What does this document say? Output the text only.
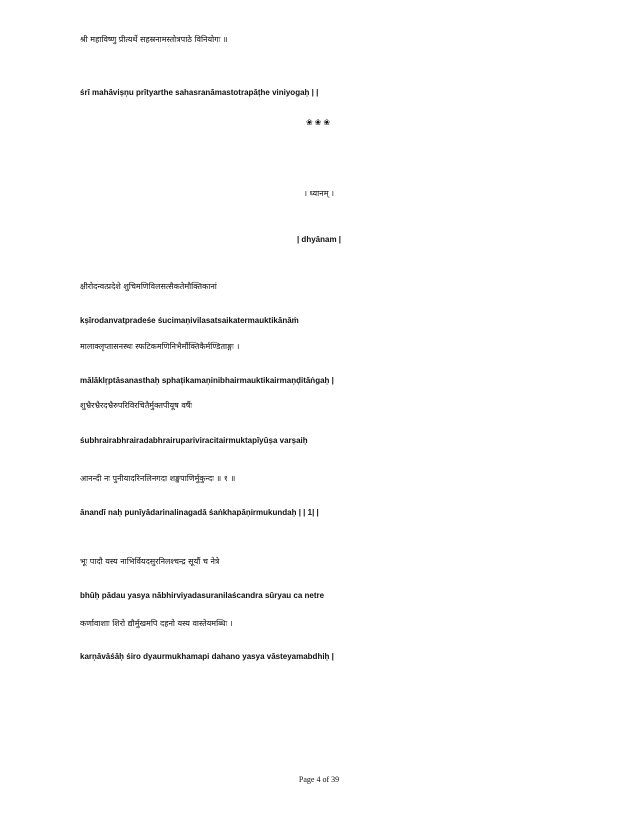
श्री महाविष्णु प्रीत्यर्थे सहस्रनामस्तोत्रपाठे विनियोगः ॥
śrī mahāviṣṇu prītyarthe sahasranāmastotrapāṭhe viniyogaḥ | |
❀❀❀
। ध्यानम् ।
| dhyānam |
क्षीरोदन्वत्प्रदेशे शुचिमणिविलसत्सैकतेमौक्तिकानां
kṣīrodanvatpradeśe śucimaṇivilasatsaikatermauktikānāṁ
मालाक्लृप्तासनस्थः स्फटिकमणिनिभैर्मौक्तिकैर्मण्डिताङ्गः ।
mālāklṛptāsanasthaḥ sphaṭikamaṇinibhairmauktikairmaṇḍitāṅgaḥ |
शुभ्रैरभ्रैरदभ्रैरुपरिविरचितैर्मुक्तपीयूष वर्षैः
śubhrairabhrairadabhrairupariviracitairmuktapīyūṣa varṣaiḥ
आनन्दी नः पुनीयादरिनलिनगदा शङ्खपाणिर्मुकुन्दः ॥ १ ॥
ānandī naḥ punīyādarinalinagadā śaṅkhapāṇirmukundaḥ | | 1| |
भूः पादौ यस्य नाभिर्वियदसुरनिलश्चन्द्र सूर्यौ च नेत्रे
bhūḥ pādau yasya nābhirviyadasuranilaścandra sūryau ca netre
कर्णावाशाः शिरो द्यौर्मुखमपि दहनो यस्य वास्तेयमब्धिः ।
karṇāvāśāḥ śiro dyaurmukhamapi dahano yasya vāsteyamabdhiḥ |
Page 4 of 39
